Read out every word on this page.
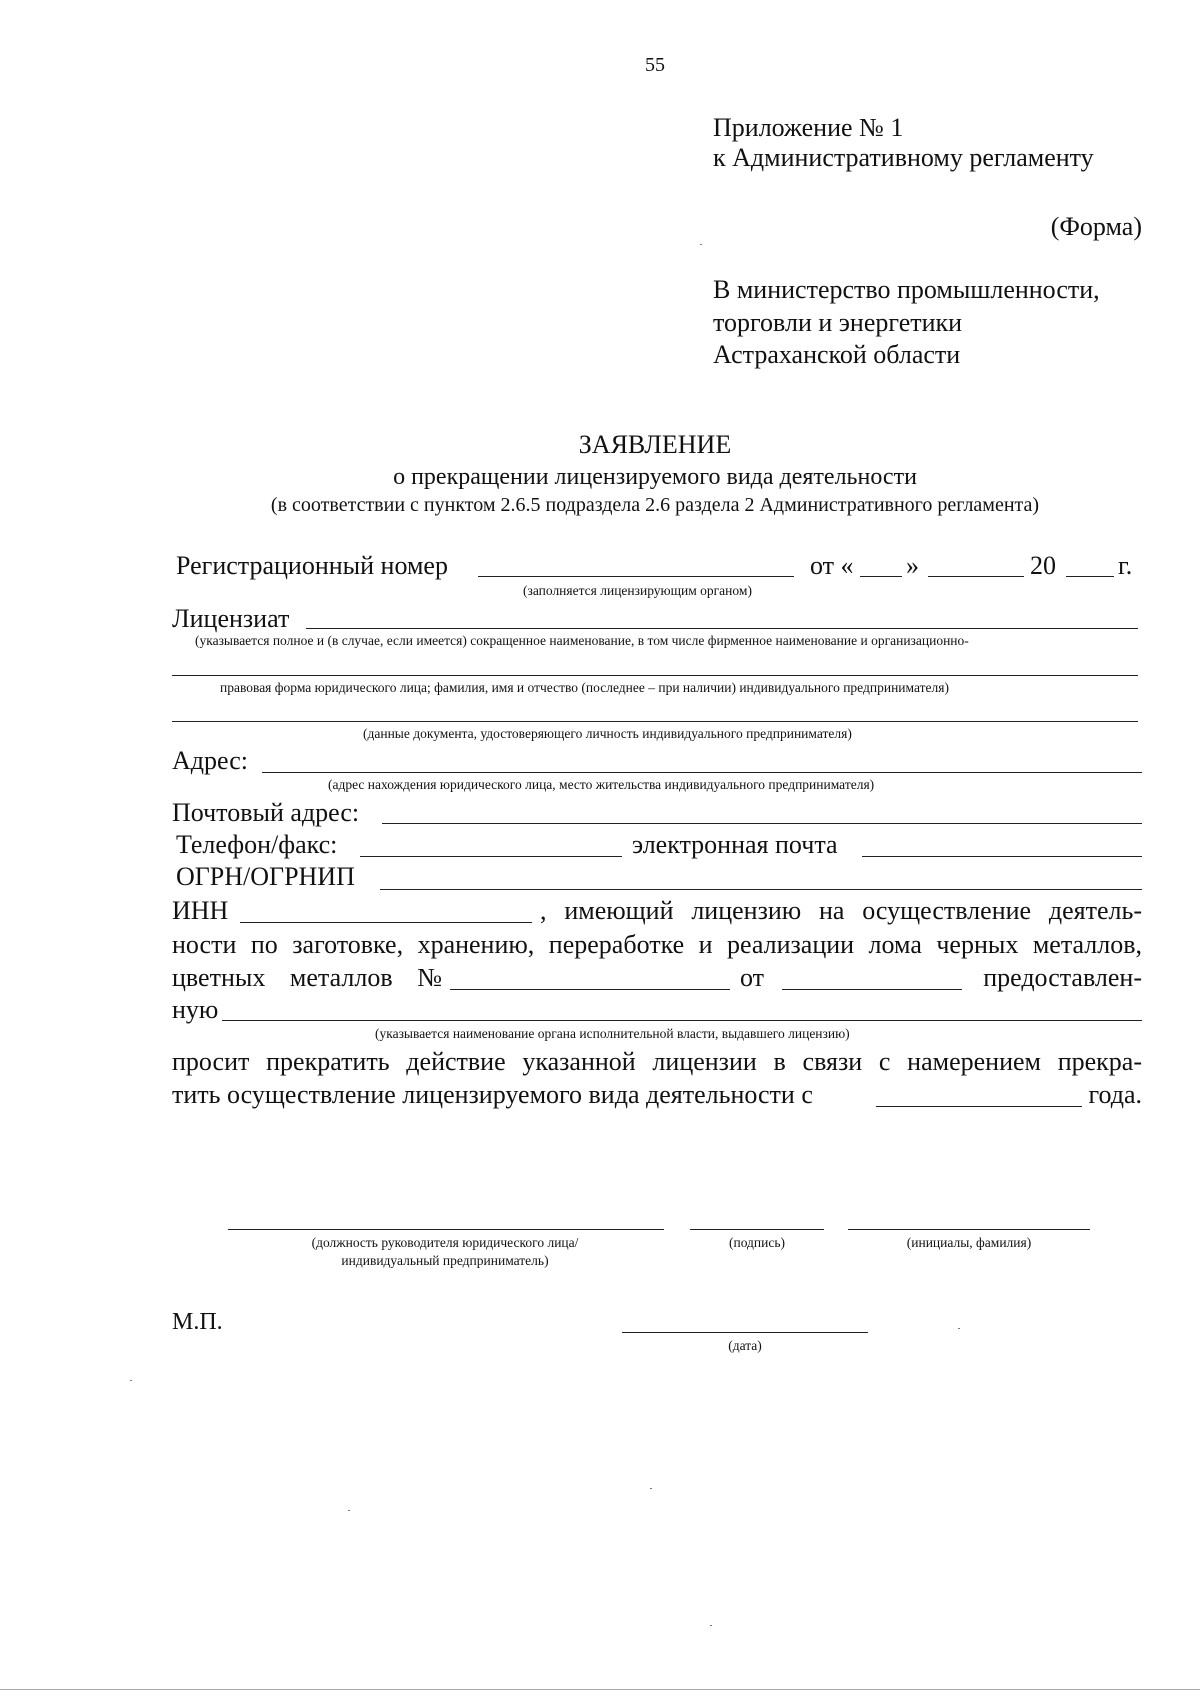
55
Приложение № 1
к Административному регламенту
(Форма)
В министерство промышленности,
торговли и энергетики
Астраханской области
ЗАЯВЛЕНИЕ
о прекращении лицензируемого вида деятельности
(в соответствии с пунктом 2.6.5 подраздела 2.6 раздела 2 Административного регламента)
Регистрационный номер	от « »	20 г.
(заполняется лицензирующим органом)
Лицензиат
(указывается полное и (в случае, если имеется) сокращенное наименование, в том числе фирменное наименование и организационно-
правовая форма юридического лица; фамилия, имя и отчество (последнее – при наличии) индивидуального предпринимателя)
(данные документа, удостоверяющего личность индивидуального предпринимателя)
Адрес:
(адрес нахождения юридического лица, место жительства индивидуального предпринимателя)
Почтовый адрес:
Телефон/факс:	электронная почта
ОГРН/ОГРНИП
ИНН	, имеющий лицензию на осуществление деятель-
ности по заготовке, хранению, переработке и реализации лома черных металлов,
цветных металлов №	от	предоставлен-
ную
(указывается наименование органа исполнительной власти, выдавшего лицензию)
просит прекратить действие указанной лицензии в связи с намерением прекра-
тить осуществление лицензируемого вида деятельности с	года.
(должность руководителя юридического лица/
индивидуальный предприниматель)
(подпись)	(инициалы, фамилия)
М.П.
(дата)
